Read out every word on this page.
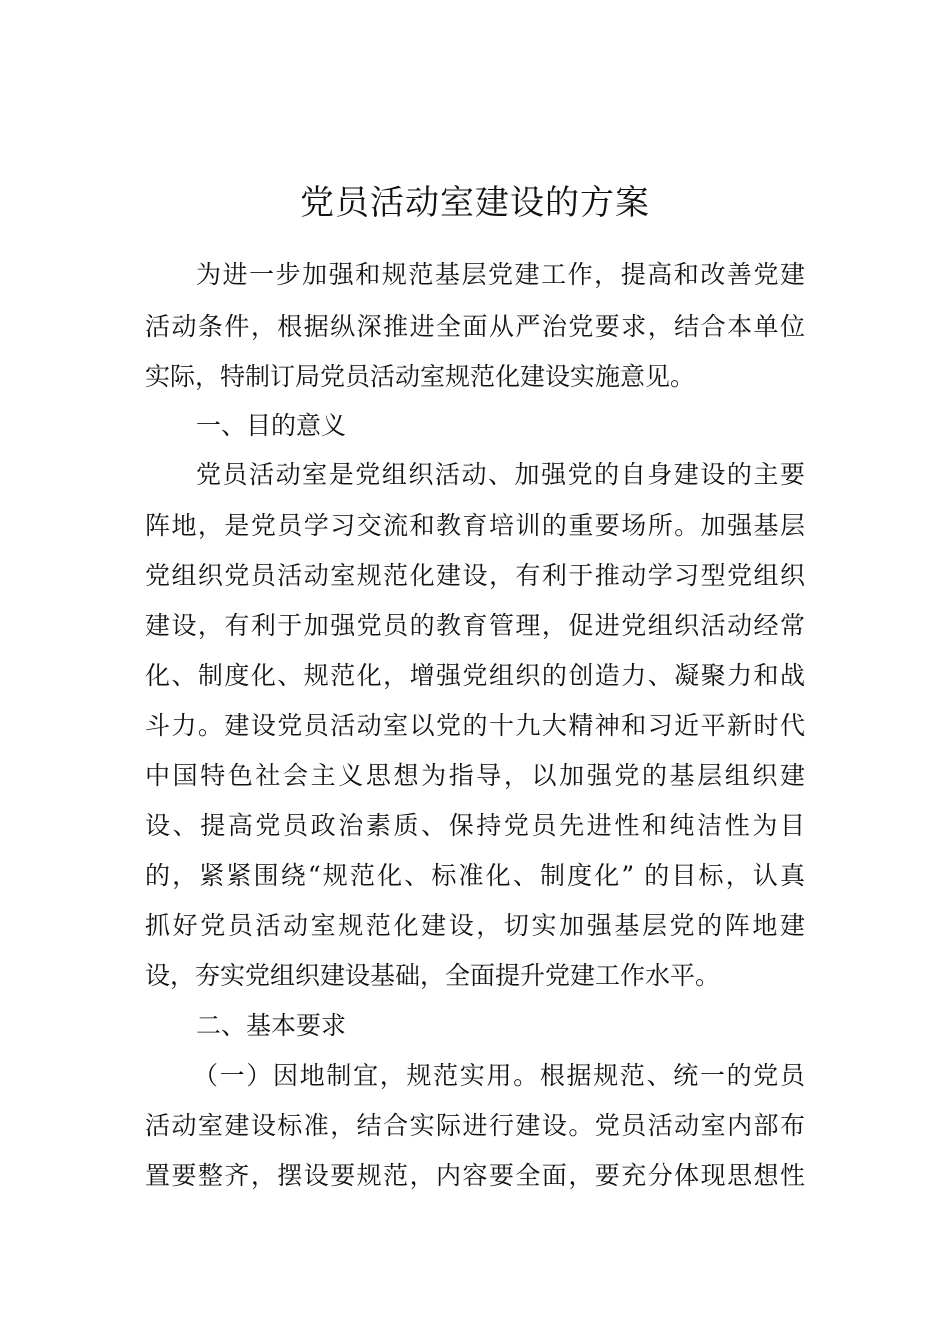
党员活动室建设的方案
为进一步加强和规范基层党建工作，提高和改善党建
活动条件，根据纵深推进全面从严治党要求，结合本单位
实际，特制订局党员活动室规范化建设实施意见。
一、目的意义
党员活动室是党组织活动、加强党的自身建设的主要
阵地，是党员学习交流和教育培训的重要场所。加强基层
党组织党员活动室规范化建设，有利于推动学习型党组织
建设，有利于加强党员的教育管理，促进党组织活动经常
化、制度化、规范化，增强党组织的创造力、凝聚力和战
斗力。建设党员活动室以党的十九大精神和习近平新时代
中国特色社会主义思想为指导，以加强党的基层组织建
设、提高党员政治素质、保持党员先进性和纯洁性为目
的，紧紧围绕“规范化、标准化、制度化” 的目标，认真
抓好党员活动室规范化建设，切实加强基层党的阵地建
设，夯实党组织建设基础，全面提升党建工作水平。
二、基本要求
（一）因地制宜，规范实用。根据规范、统一的党员
活动室建设标准，结合实际进行建设。党员活动室内部布
置要整齐，摆设要规范，内容要全面，要充分体现思想性
